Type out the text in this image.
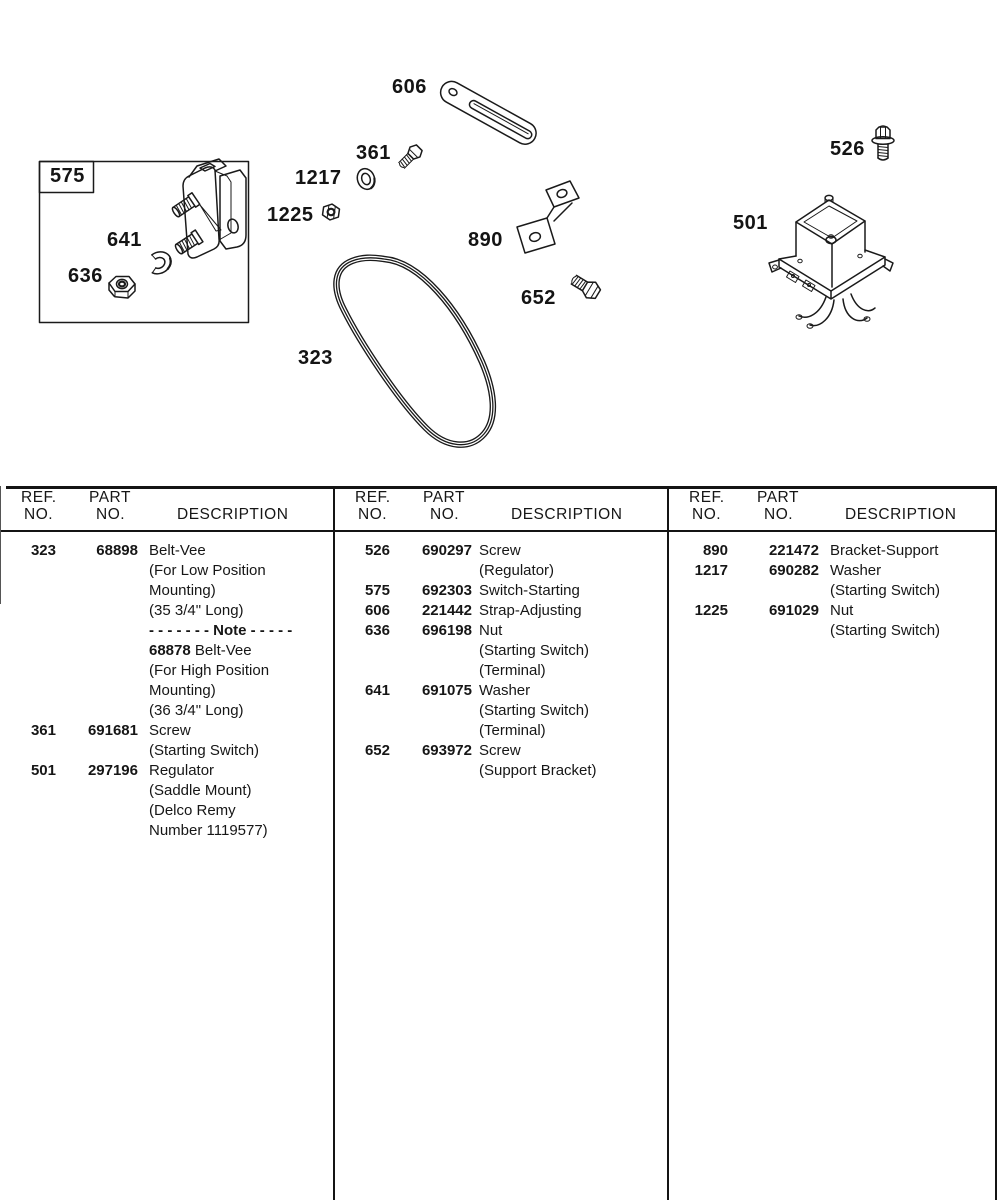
606
361
1217
1225
575
641
636
890
652
323
526
501
REF.
NO.
PART
NO.	DESCRIPTION
REF.
NO.
PART
NO.	DESCRIPTION
REF.
NO.
PART
NO.	DESCRIPTION
323	68898 Belt-Vee
(For Low Position
Mounting)
(35 3/4" Long)
- - - - - - - Note - - - - -
68878 Belt-Vee
(For High Position
Mounting)
(36 3/4" Long)
361	691681 Screw
(Starting Switch)
501	297196 Regulator
(Saddle Mount)
(Delco Remy
Number 1119577)
526	690297 Screw
(Regulator)
575	692303 Switch-Starting
606	221442 Strap-Adjusting
636	696198 Nut
(Starting Switch)
(Terminal)
641	691075 Washer
(Starting Switch)
(Terminal)
652	693972 Screw
(Support Bracket)
890	221472 Bracket-Support
1217	690282 Washer
(Starting Switch)
1225	691029 Nut
(Starting Switch)
